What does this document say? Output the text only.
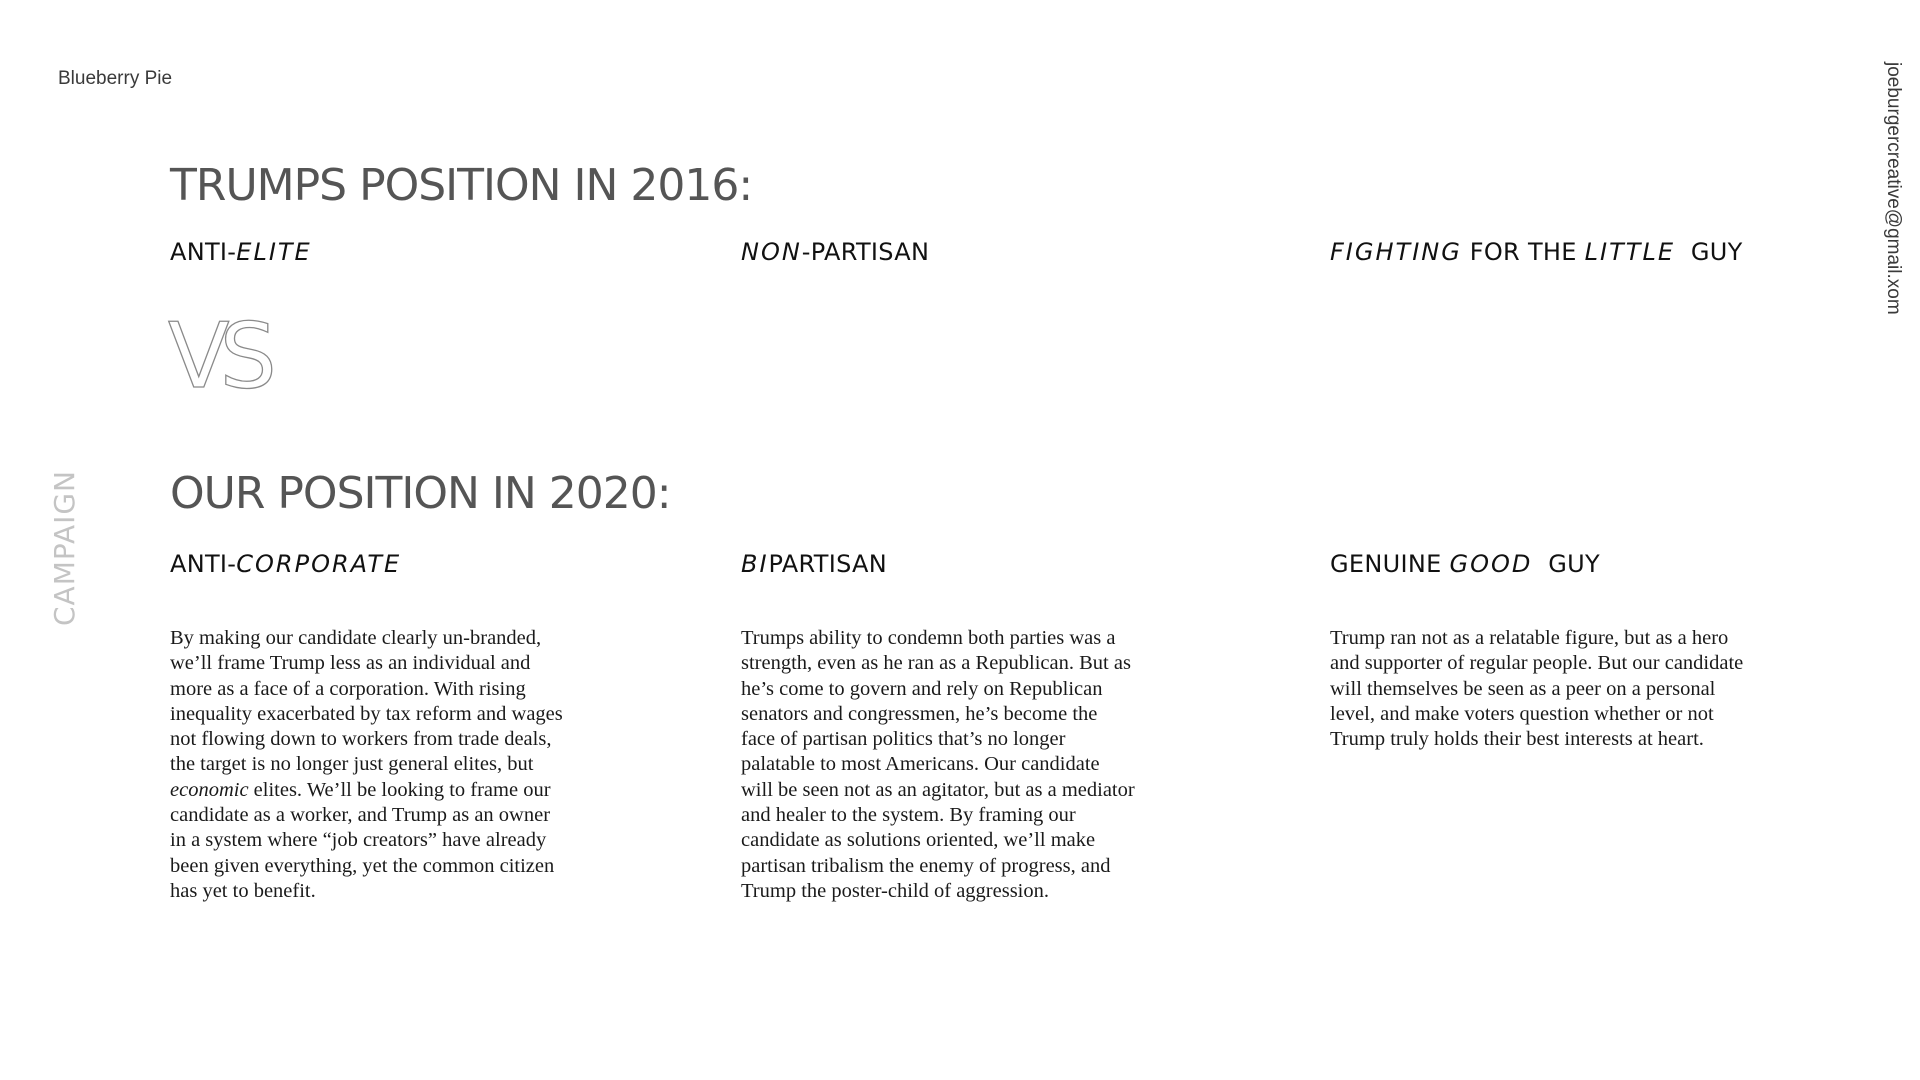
Blueberry Pie	joeburgercreative@gmail.xom
CAMPAIGN
TRUMPS POSITION IN 2016:
ANTI-ELITE	NON-PARTISAN	FIGHTING FOR THE LITTLE  GUY
VS
OUR POSITION IN 2020:
ANTI-CORPORATE	BIPARTISAN	GENUINE GOOD  GUY

By making our candidate clearly un-branded, we’ll frame Trump less as an individual and more as a face of a corporation. With rising inequality exacerbated by tax reform and wages not flowing down to workers from trade deals, the target is no longer just general elites, but economic elites. We’ll be looking to frame our candidate as a worker, and Trump as an owner in a system where “job creators” have already been given everything, yet the common citizen has yet to benefit.

Trumps ability to condemn both parties was a strength, even as he ran as a Republican. But as he’s come to govern and rely on Republican senators and congressmen, he’s become the face of partisan politics that’s no longer palatable to most Americans. Our candidate will be seen not as an agitator, but as a mediator and healer to the system. By framing our candidate as solutions oriented, we’ll make partisan tribalism the enemy of progress, and Trump the poster-child of aggression.

Trump ran not as a relatable figure, but as a hero and supporter of regular people. But our candidate will themselves be seen as a peer on a personal level, and make voters question whether or not Trump truly holds their best interests at heart.
